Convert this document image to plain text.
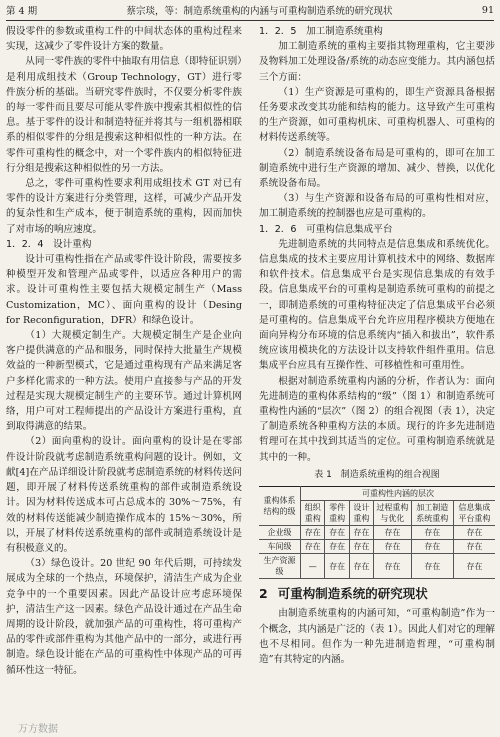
第 4 期	蔡宗琰，等：制造系统重构的内涵与可重构制造系统的研究现状	91

假设零件的参数或重构工件的中间状态体的重构过程来实现，这减少了零件设计方案的数量。

从同一零件族的零件中抽取有用信息（即特征识别）是利用成组技术（Group Technology，GT）进行零件族分析的基础。当研究零件族时，不仅要分析零件族的每一零件而且要尽可能从零件族中搜索其相似性的信息。基于零件的设计和制造特征并将其与一组机器相联系的相似零件的分组是搜索这种相似性的一种方法。在零件可重构性的概念中，对一个零件族内的相似特征进行分组是搜索这种相似性的另一方法。

总之，零件可重构性要求利用成组技术 GT 对已有零件的设计方案进行分类管理，这样，可减少产品开发的复杂性和生产成本，便于制造系统的重构，因而加快了对市场的响应速度。

1．2．4　设计重构

设计可重构性指在产品或零件设计阶段，需要按多种模型开发和管理产品或零件，以适应各种用户的需求。设计可重构性主要包括大规模定制生产（Mass Customization，MC）、面向重构的设计（Desing for Reconfiguration，DFR）和绿色设计。

（1）大规模定制生产。大规模定制生产是企业向客户提供满意的产品和服务，同时保持大批量生产规模效益的一种新型模式，它是通过重构现有产品来满足客户多样化需求的一种方法。使用户直接参与产品的开发过程是实现大规模定制生产的主要环节。通过计算机网络，用户可对工程师提出的产品设计方案进行重构，直到取得满意的结果。

（2）面向重构的设计。面向重构的设计是在零部件设计阶段就考虑制造系统重构问题的设计。例如，文献[4]在产品详细设计阶段就考虑制造系统的材料传送问题，即开展了材料传送系统重构的部件或制造系统设计。因为材料传送成本可占总成本的 30%～75%，有效的材料传送能减少制造操作成本的 15%～30%，所以，开展了材料传送系统重构的部件或制造系统设计是有积极意义的。

（3）绿色设计。20 世纪 90 年代后期，可持续发展成为全球的一个热点，环境保护，清洁生产成为企业竞争中的一个重要因素。因此产品设计应考虑环境保护，清洁生产这一因素。绿色产品设计通过在产品生命周期的设计阶段，就加强产品的可重构性，将可重构产品的零件或部件重构为其他产品中的一部分，或进行再制造。绿色设计能在产品的可重构性中体现产品的可再循环性这一特征。

1．2．5　加工制造系统重构

加工制造系统的重构主要指其物理重构，它主要涉及物料加工处理设备/系统的动态应变能力。其内涵包括三个方面：

（1）生产资源是可重构的，即生产资源具备根据任务要求改变其功能和结构的能力。这导致产生可重构的生产资源，如可重构机床、可重构机器人、可重构的材料传送系统等。

（2）制造系统设备布局是可重构的，即可在加工制造系统中进行生产资源的增加、减少、替换，以优化系统设备布局。

（3）与生产资源和设备布局的可重构性相对应，加工制造系统的控制器也应是可重构的。

1．2．6　可重构信息集成平台

先进制造系统的共同特点是信息集成和系统优化。信息集成的技术主要应用计算机技术中的网络、数据库和软件技术。信息集成平台是实现信息集成的有效手段。信息集成平台的可重构是制造系统可重构的前提之一，即制造系统的可重构特征决定了信息集成平台必须是可重构的。信息集成平台允许应用程序模块方便地在面向异构分布环境的信息系统内“插入和拔出”，软件系统应该用模块化的方法设计以支持软件组件重用。信息集成平台应具有互操作性、可移植性和可重用性。

根据对制造系统重构内涵的分析，作者认为：面向先进制造的重构体系结构的“级”（图 1）和制造系统可重构性内涵的“层次”（图 2）的组合视图（表 1），决定了制造系统各种重构方法的本质。现行的许多先进制造哲理可在其中找到其适当的定位。可重构制造系统就是其中的一种。

表 1　制造系统重构的组合视图
重构体系结构的级	可重构性内涵的层次					
	组织重构	零件重构	设计重构	过程重构与优化	加工制造系统重构	信息集成平台重构
企业级	存在	存在	存在	存在	存在	存在
车间级	存在	存在	存在	存在	存在	存在
生产资源级	—	存在	存在	存在	存在	存在
2 可重构制造系统的研究现状

由制造系统重构的内涵可知，“可重构制造”作为一个概念，其内涵是广泛的（表 1）。因此人们对它的理解也不尽相同。但作为一种先进制造哲理，“可重构制造”有其特定的内涵。

万方数据
